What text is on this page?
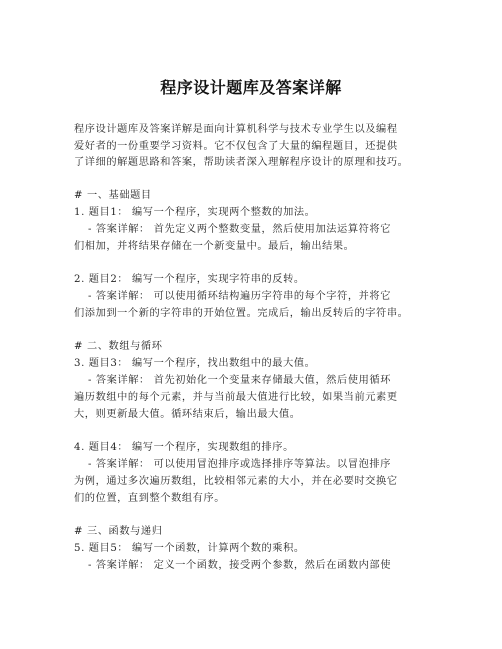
程序设计题库及答案详解
程序设计题库及答案详解是面向计算机科学与技术专业学生以及编程
爱好者的一份重要学习资料。它不仅包含了大量的编程题目，还提供
了详细的解题思路和答案，帮助读者深入理解程序设计的原理和技巧。
# 一、基础题目
1. 题目1： 编写一个程序，实现两个整数的加法。
- 答案详解： 首先定义两个整数变量，然后使用加法运算符将它
们相加，并将结果存储在一个新变量中。最后，输出结果。
2. 题目2： 编写一个程序，实现字符串的反转。
- 答案详解： 可以使用循环结构遍历字符串的每个字符，并将它
们添加到一个新的字符串的开始位置。完成后，输出反转后的字符串。
# 二、数组与循环
3. 题目3： 编写一个程序，找出数组中的最大值。
- 答案详解： 首先初始化一个变量来存储最大值，然后使用循环
遍历数组中的每个元素，并与当前最大值进行比较，如果当前元素更
大，则更新最大值。循环结束后，输出最大值。
4. 题目4： 编写一个程序，实现数组的排序。
- 答案详解： 可以使用冒泡排序或选择排序等算法。以冒泡排序
为例，通过多次遍历数组，比较相邻元素的大小，并在必要时交换它
们的位置，直到整个数组有序。
# 三、函数与递归
5. 题目5： 编写一个函数，计算两个数的乘积。
- 答案详解： 定义一个函数，接受两个参数，然后在函数内部使
